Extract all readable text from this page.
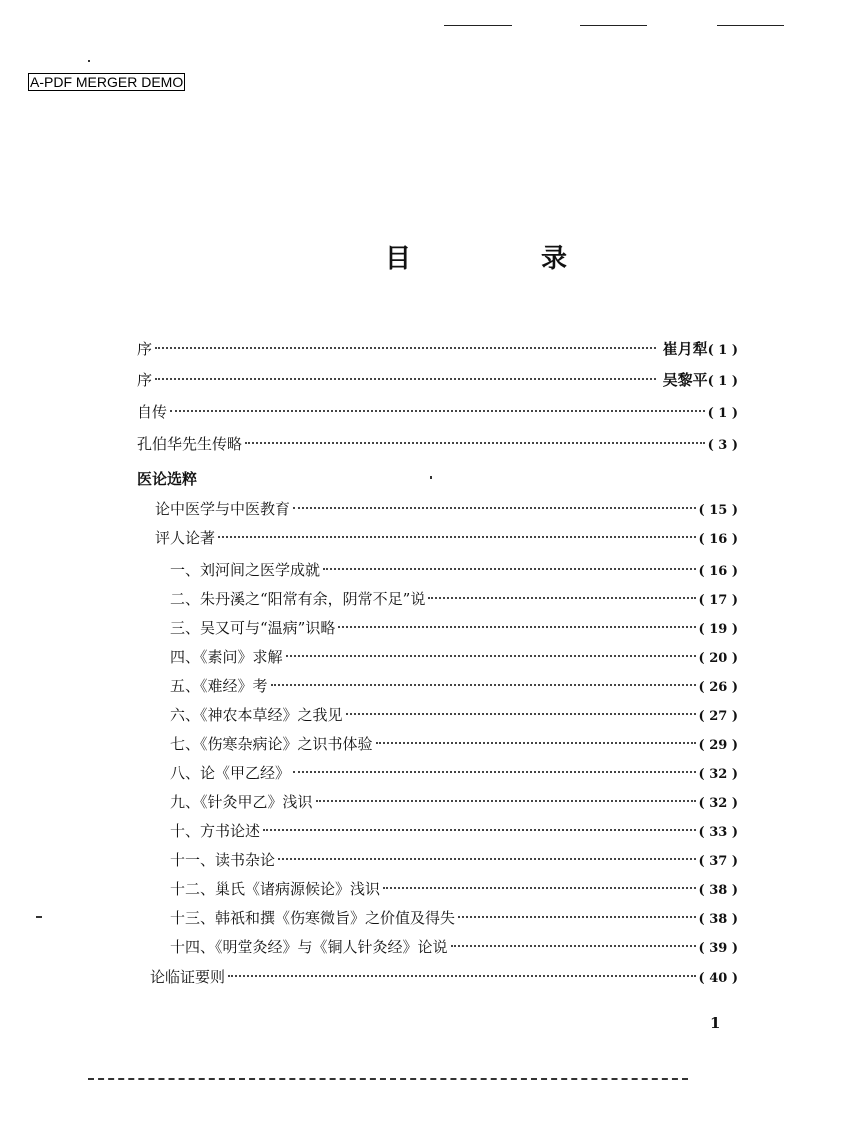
A-PDF MERGER DEMO
目　录
序	崔月犁 ( 1 )
序	吴黎平 ( 1 )
自传	( 1 )
孔伯华先生传略	( 3 )
医论选粹
论中医学与中医教育	( 15 )
评人论著	( 16 )
一、刘河间之医学成就	( 16 )
二、朱丹溪之“阳常有余，阴常不足”说	( 17 )
三、吴又可与“温病”识略	( 19 )
四、《素问》求解	( 20 )
五、《难经》考	( 26 )
六、《神农本草经》之我见	( 27 )
七、《伤寒杂病论》之识书体验	( 29 )
八、论《甲乙经》	( 32 )
九、《针灸甲乙》浅识	( 32 )
十、方书论述	( 33 )
十一、读书杂论	( 37 )
十二、巢氏《诸病源候论》浅识	( 38 )
十三、韩祇和撰《伤寒微旨》之价值及得失	( 38 )
十四、《明堂灸经》与《铜人针灸经》论说	( 39 )
论临证要则	( 40 )
1
